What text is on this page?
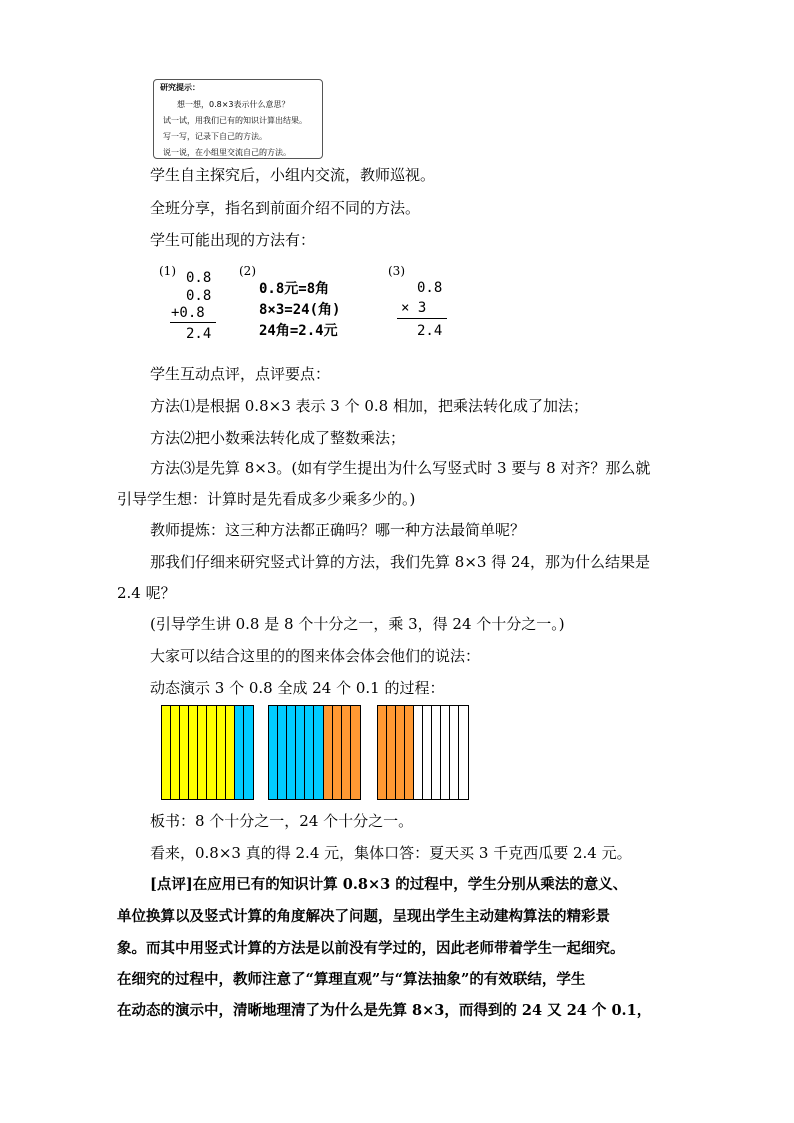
研究提示：
想一想，0.8×3表示什么意思？
试一试，用我们已有的知识计算出结果。
写一写，记录下自己的方法。
说一说，在小组里交流自己的方法。
学生自主探究后，小组内交流，教师巡视。
全班分享，指名到前面介绍不同的方法。
学生可能出现的方法有：
(1) 0.8
0.8
+0.8
2.4
(2)
0.8元=8角
8×3=24(角)
24角=2.4元
(3)
0.8
× 3
2.4
学生互动点评，点评要点：
方法⑴是根据 0.8×3 表示 3 个 0.8 相加，把乘法转化成了加法；
方法⑵把小数乘法转化成了整数乘法；
方法⑶是先算 8×3。(如有学生提出为什么写竖式时 3 要与 8 对齐？那么就
引导学生想：计算时是先看成多少乘多少的。)
教师提炼：这三种方法都正确吗？哪一种方法最简单呢？
那我们仔细来研究竖式计算的方法，我们先算 8×3 得 24，那为什么结果是
2.4 呢？
(引导学生讲 0.8 是 8 个十分之一，乘 3，得 24 个十分之一。)
大家可以结合这里的的图来体会体会他们的说法：
动态演示 3 个 0.8 全成 24 个 0.1 的过程：
板书：8 个十分之一，24 个十分之一。
看来，0.8×3 真的得 2.4 元，集体口答：夏天买 3 千克西瓜要 2.4 元。
[点评]在应用已有的知识计算 0.8×3 的过程中，学生分别从乘法的意义、
单位换算以及竖式计算的角度解决了问题，呈现出学生主动建构算法的精彩景
象。而其中用竖式计算的方法是以前没有学过的，因此老师带着学生一起细究。
在细究的过程中，教师注意了“算理直观”与“算法抽象”的有效联结，学生
在动态的演示中，清晰地理清了为什么是先算 8×3，而得到的 24 又 24 个 0.1，
